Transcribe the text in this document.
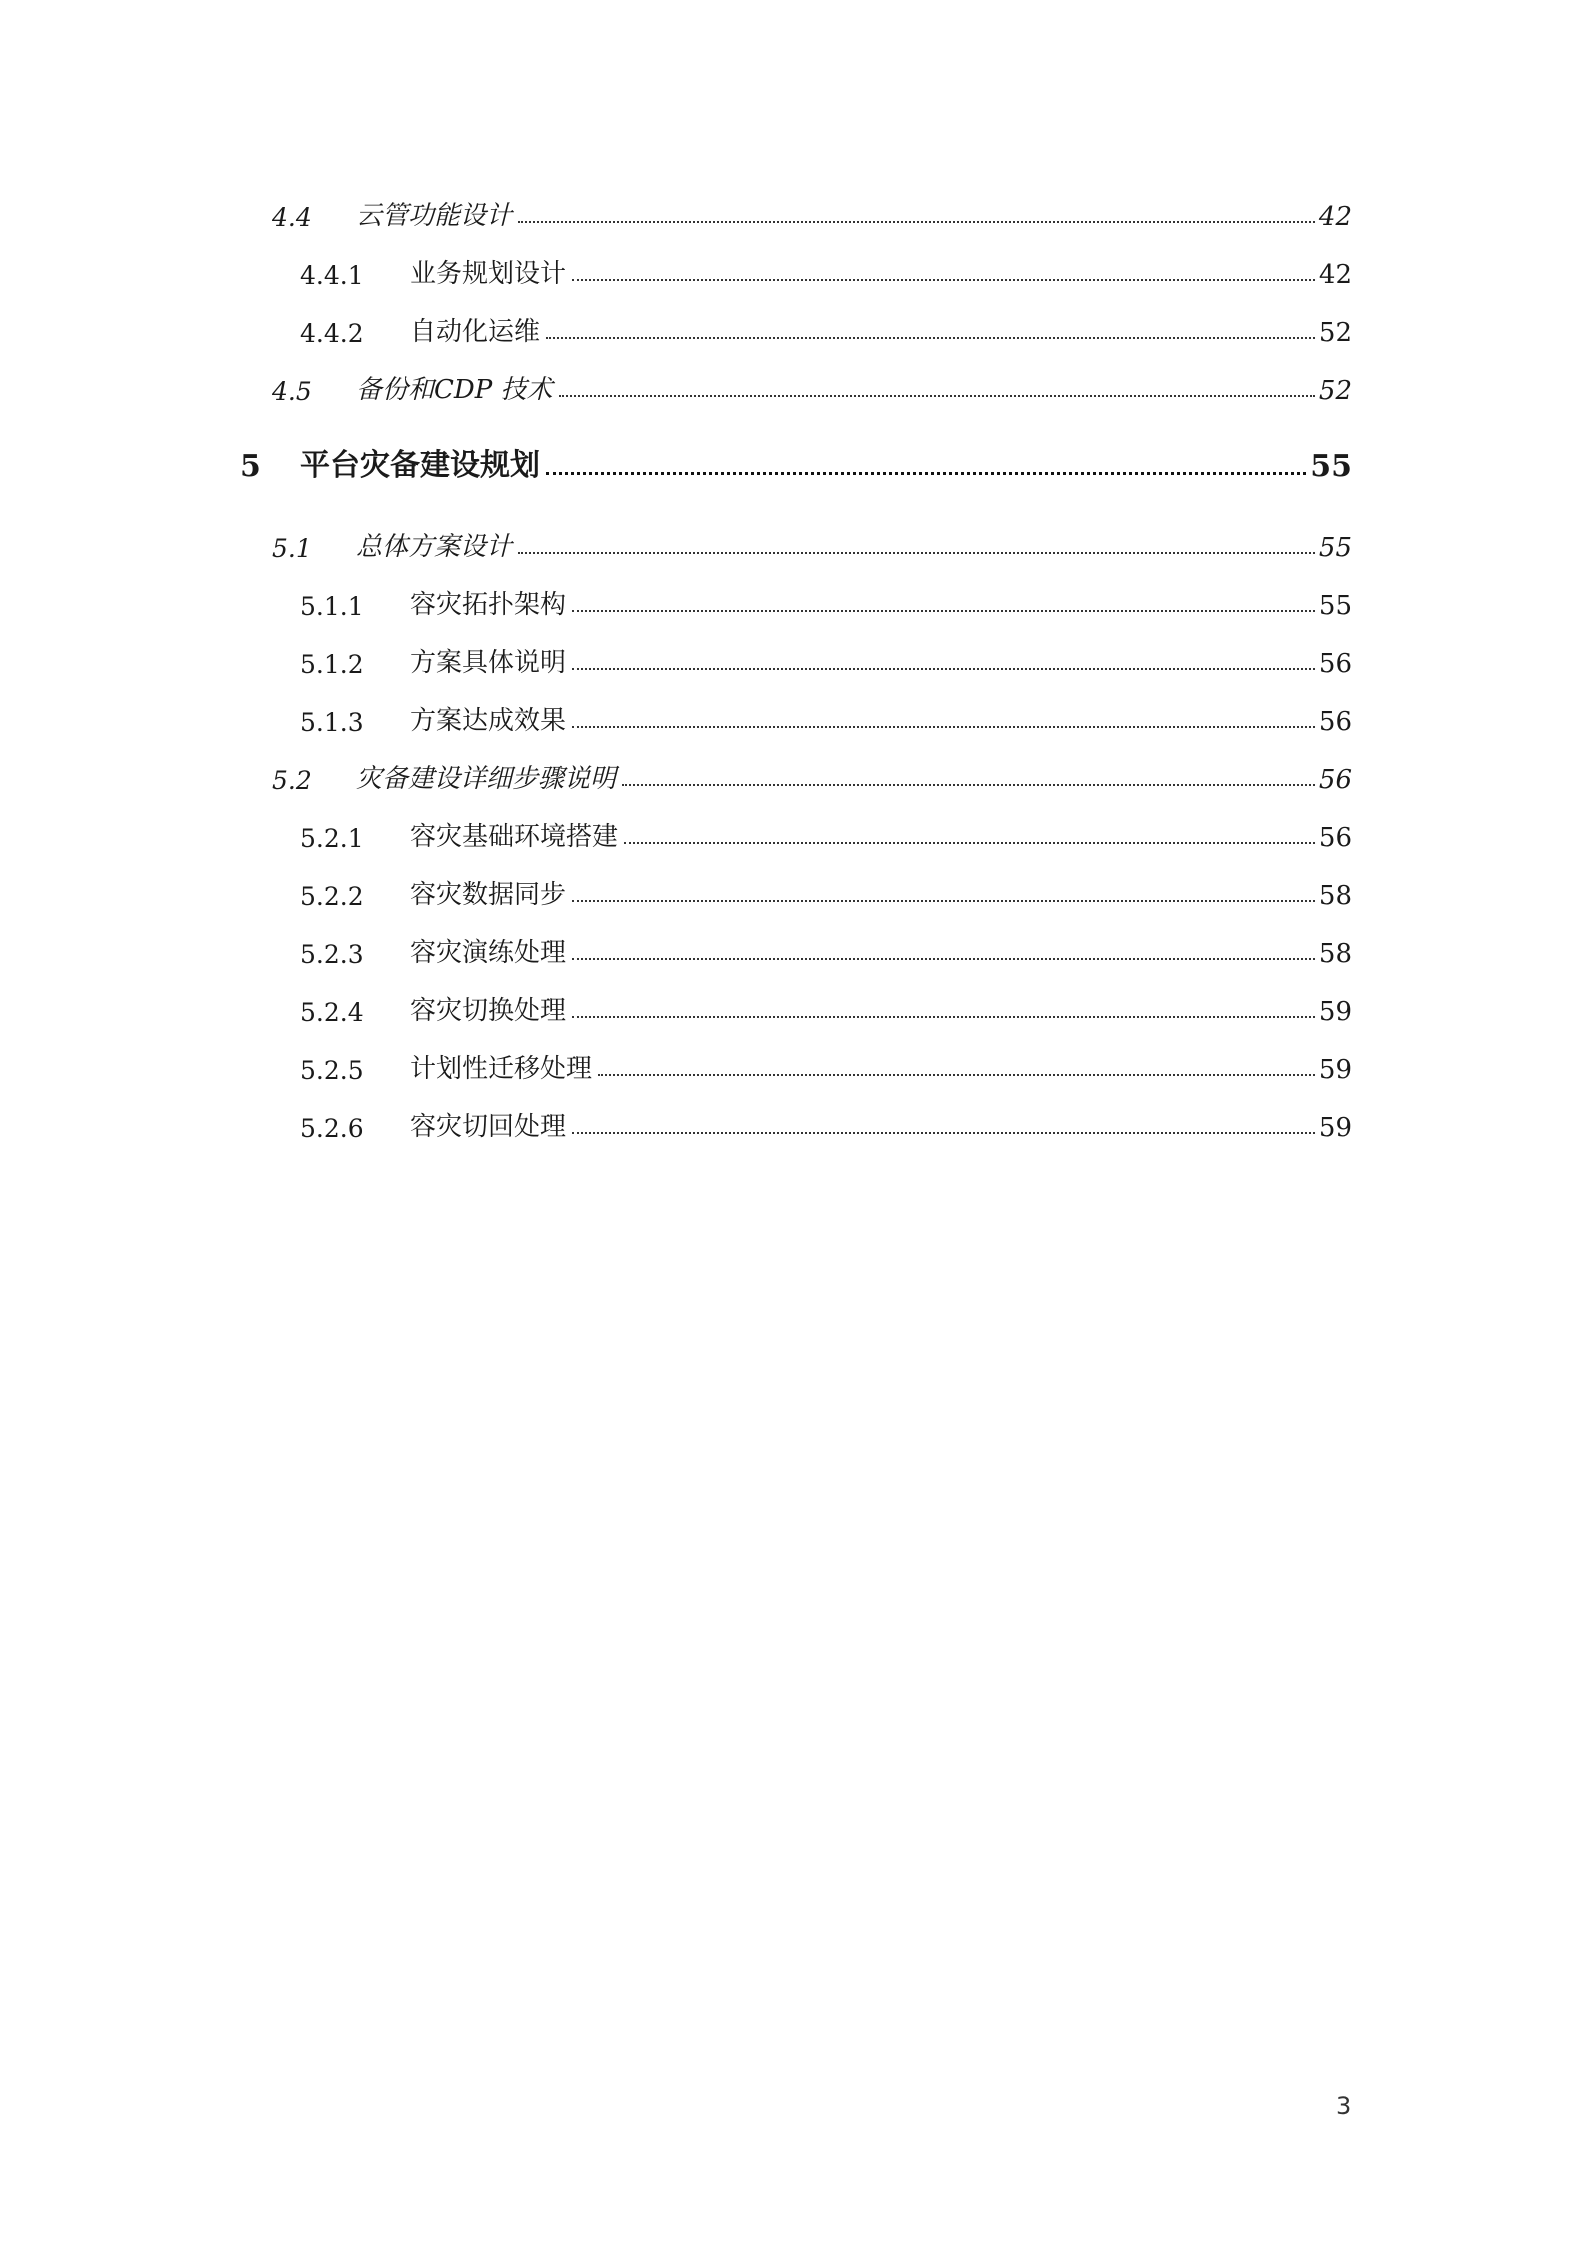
4.4	云管功能设计	42
4.4.1	业务规划设计	42
4.4.2	自动化运维	52
4.5	备份和CDP 技术	52
5	平台灾备建设规划	55
5.1	总体方案设计	55
5.1.1	容灾拓扑架构	55
5.1.2	方案具体说明	56
5.1.3	方案达成效果	56
5.2	灾备建设详细步骤说明	56
5.2.1	容灾基础环境搭建	56
5.2.2	容灾数据同步	58
5.2.3	容灾演练处理	58
5.2.4	容灾切换处理	59
5.2.5	计划性迁移处理	59
5.2.6	容灾切回处理	59
3
